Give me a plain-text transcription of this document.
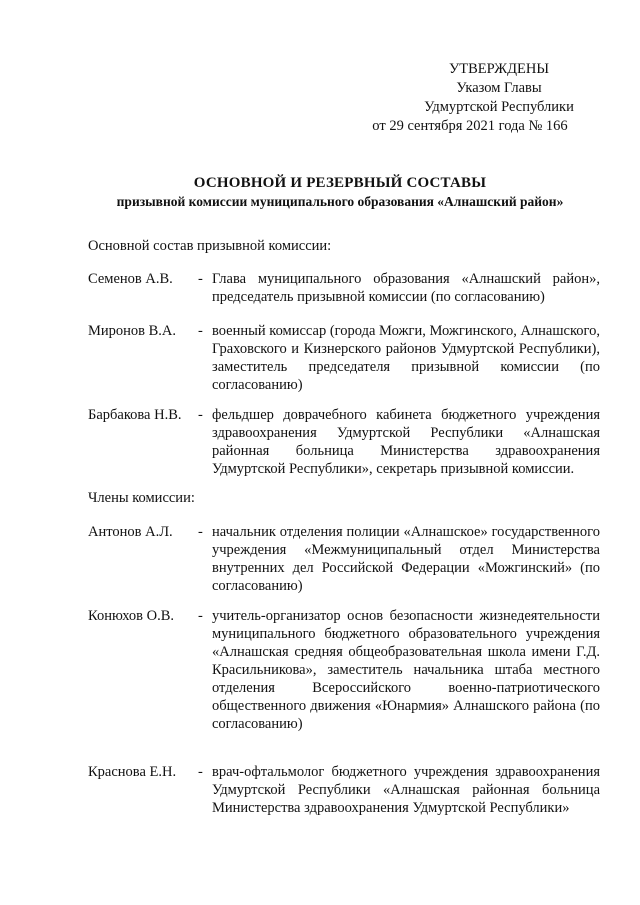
УТВЕРЖДЕНЫ
Указом Главы
Удмуртской Республики
от 29 сентября 2021 года № 166
ОСНОВНОЙ И РЕЗЕРВНЫЙ СОСТАВЫ
призывной комиссии муниципального образования «Алнашский район»
Основной состав призывной комиссии:
Семенов А.В.	- Глава муниципального образования «Алнашский район», председатель призывной комиссии (по согласованию)
Миронов В.А.	- военный комиссар (города Можги, Можгинского, Алнашского, Граховского и Кизнерского районов Удмуртской Республики), заместитель председателя призывной комиссии (по согласованию)
Барбакова Н.В.	- фельдшер доврачебного кабинета бюджетного учреждения здравоохранения Удмуртской Республики «Алнашская районная больница Министерства здравоохранения Удмуртской Республики», секретарь призывной комиссии.
Члены комиссии:
Антонов А.Л.	- начальник отделения полиции «Алнашское» государственного учреждения «Межмуниципальный отдел Министерства внутренних дел Российской Федерации «Можгинский» (по согласованию)
Конюхов О.В.	- учитель-организатор основ безопасности жизнедеятельности муниципального бюджетного образовательного учреждения «Алнашская средняя общеобразовательная школа имени Г.Д. Красильникова», заместитель начальника штаба местного отделения Всероссийского военно-патриотического общественного движения «Юнармия» Алнашского района (по согласованию)
Краснова Е.Н.	- врач-офтальмолог бюджетного учреждения здравоохранения Удмуртской Республики «Алнашская районная больница Министерства здравоохранения Удмуртской Республики»
